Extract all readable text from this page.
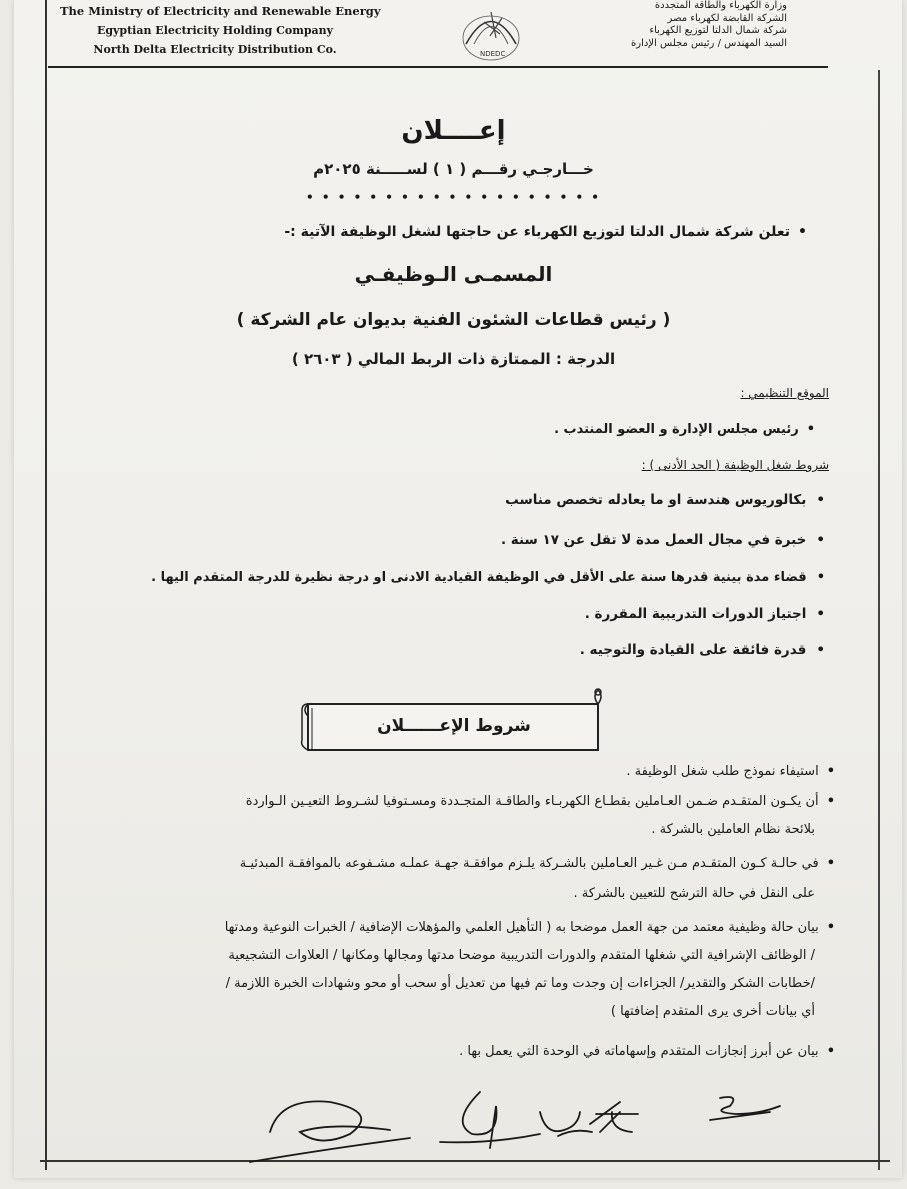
The Ministry of Electricity and Renewable Energy
Egyptian Electricity Holding Company
North Delta Electricity Distribution Co.	NDEDC
وزارة الكهرباء والطاقة المتجددة
الشركة القابضة لكهرباء مصر
شركة شمال الدلتا لتوزيع الكهرباء
السيد المهندس / رئيس مجلس الإدارة
إعــــلان
خـــارجـي رقـــم ( ١ ) لســـــنة ٢٠٢٥م
• • • • • • • • • • • • • • • • • • •
•تعلن شركة شمال الدلتا لتوزيع الكهرباء عن حاجتها لشغل الوظيفة الآتية :-
المسمـى الـوظيفـي
( رئيس قطاعات الشئون الفنية بديوان عام الشركة )
الدرجة : الممتازة ذات الربط المالي ( ٢٦٠٣ )
الموقع التنظيمي :
•رئيس مجلس الإدارة و العضو المنتدب .
شروط شغل الوظيفة ( الحد الأدنى ) :
•بكالوريوس هندسة او ما يعادله تخصص مناسب
•خبرة في مجال العمل مدة لا تقل عن ١٧ سنة .
•قضاء مدة بينية قدرها سنة على الأقل في الوظيفة القيادية الادنى او درجة نظيرة للدرجة المتقدم اليها .
•اجتياز الدورات التدريبية المقررة .
•قدرة فائقة على القيادة والتوجيه .
شروط الإعــــــلان
•استيفاء نموذج طلب شغل الوظيفة .
•أن يكـون المتقـدم ضـمن العـاملين بقطـاع الكهربـاء والطاقـة المتجـددة ومسـتوفيا لشـروط التعيـين الـواردة
بلائحة نظام العاملين بالشركة .
•في حالـة كـون المتقـدم مـن غـير العـاملين بالشـركة يلـزم موافقـة جهـة عملـه مشـفوعه بالموافقـة المبدئيـة
على النقل في حالة الترشح للتعيين بالشركة .
•بيان حالة وظيفية معتمد من جهة العمل موضحا به ( التأهيل العلمي والمؤهلات الإضافية / الخبرات النوعية ومدتها
/ الوظائف الإشرافية التي شغلها المتقدم والدورات التدريبية موضحا مدتها ومجالها ومكانها / العلاوات التشجيعية
/خطابات الشكر والتقدير/ الجزاءات إن وجدت وما تم فيها من تعديل أو سحب أو محو وشهادات الخبرة اللازمة /
أي بيانات أخرى يرى المتقدم إضافتها )
•بيان عن أبرز إنجازات المتقدم وإسهاماته في الوحدة التي يعمل بها .
